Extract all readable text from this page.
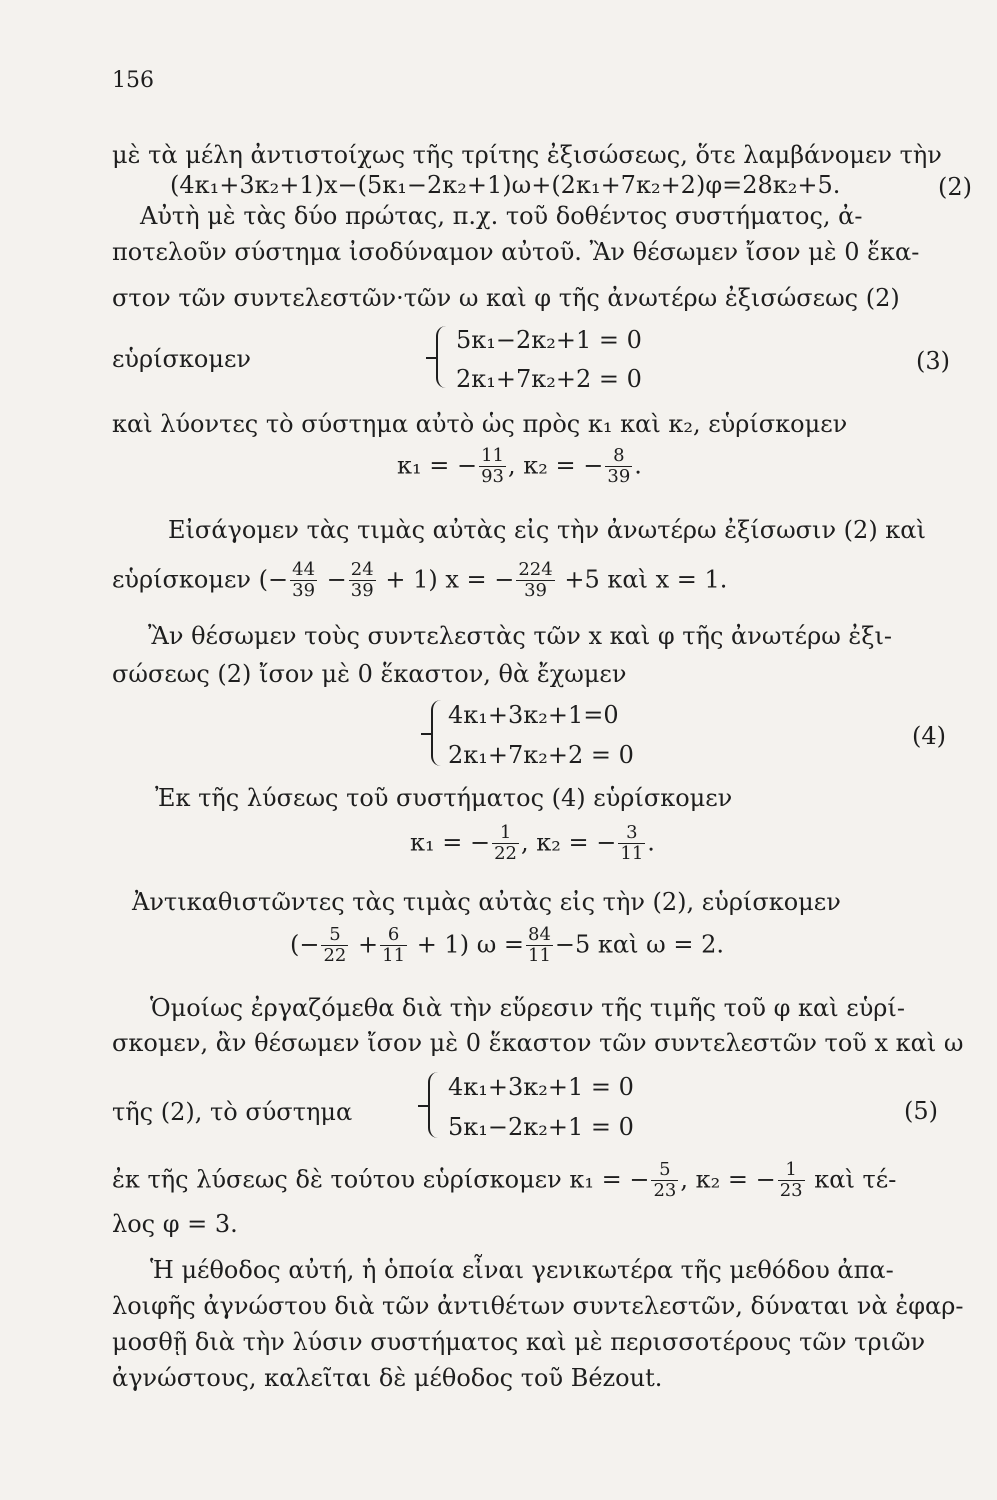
156
μὲ τὰ μέλη ἀντιστοίχως τῆς τρίτης ἐξισώσεως, ὅτε λαμβάνομεν τὴν
(4κ₁+3κ₂+1)x−(5κ₁−2κ₂+1)ω+(2κ₁+7κ₂+2)φ=28κ₂+5.	(2)
Αὐτὴ μὲ τὰς δύο πρώτας, π.χ. τοῦ δοθέντος συστήματος, ἀ-
ποτελοῦν σύστημα ἰσοδύναμον αὐτοῦ. Ἂν θέσωμεν ἴσον μὲ 0 ἕκα-
στον τῶν συντελεστῶν·τῶν ω καὶ φ τῆς ἀνωτέρω ἐξισώσεως (2)
εὑρίσκομεν
5κ₁−2κ₂+1 = 0
2κ₁+7κ₂+2 = 0
(3)
καὶ λύοντες τὸ σύστημα αὐτὸ ὡς πρὸς κ₁ καὶ κ₂, εὑρίσκομεν
κ₁ = − $\frac{11}{93}$ , κ₂ = − $\frac{8}{39}$ .
Εἰσάγομεν τὰς τιμὰς αὐτὰς εἰς τὴν ἀνωτέρω ἐξίσωσιν (2) καὶ
εὑρίσκομεν (− $\frac{44}{39} - \frac{24}{39} + 1$) x = − $\frac{224}{39} +5$ καὶ x = 1.
Ἂν θέσωμεν τοὺς συντελεστὰς τῶν x καὶ φ τῆς ἀνωτέρω ἐξι-
σώσεως (2) ἴσον μὲ 0 ἕκαστον, θὰ ἔχωμεν
4κ₁+3κ₂+1=0
2κ₁+7κ₂+2 = 0
(4)
Ἐκ τῆς λύσεως τοῦ συστήματος (4) εὑρίσκομεν
κ₁ = − $\frac{1}{22}$ , κ₂ = − $\frac{3}{11}$ .
Ἀντικαθιστῶντες τὰς τιμὰς αὐτὰς εἰς τὴν (2), εὑρίσκομεν
(− $\frac{5}{22} + \frac{6}{11} + 1$) $\omega = \frac{84}{11} -5$ καὶ ω = 2.
Ὁμοίως ἐργαζόμεθα διὰ τὴν εὕρεσιν τῆς τιμῆς τοῦ φ καὶ εὑρί-
σκομεν, ἂν θέσωμεν ἴσον μὲ 0 ἕκαστον τῶν συντελεστῶν τοῦ x καὶ ω
τῆς (2), τὸ σύστημα
4κ₁+3κ₂+1 = 0
5κ₁−2κ₂+1 = 0
(5)
ἐκ τῆς λύσεως δὲ τούτου εὑρίσκομεν κ₁ = − $\frac{5}{23}$ , κ₂ = − $\frac{1}{23}$ καὶ τέ-
λος φ = 3.
Ἡ μέθοδος αὐτή, ἡ ὁποία εἶναι γενικωτέρα τῆς μεθόδου ἀπα-
λοιφῆς ἀγνώστου διὰ τῶν ἀντιθέτων συντελεστῶν, δύναται νὰ ἐφαρ-
μοσθῇ διὰ τὴν λύσιν συστήματος καὶ μὲ περισσοτέρους τῶν τριῶν
ἀγνώστους, καλεῖται δὲ μέθοδος τοῦ Bézout.
